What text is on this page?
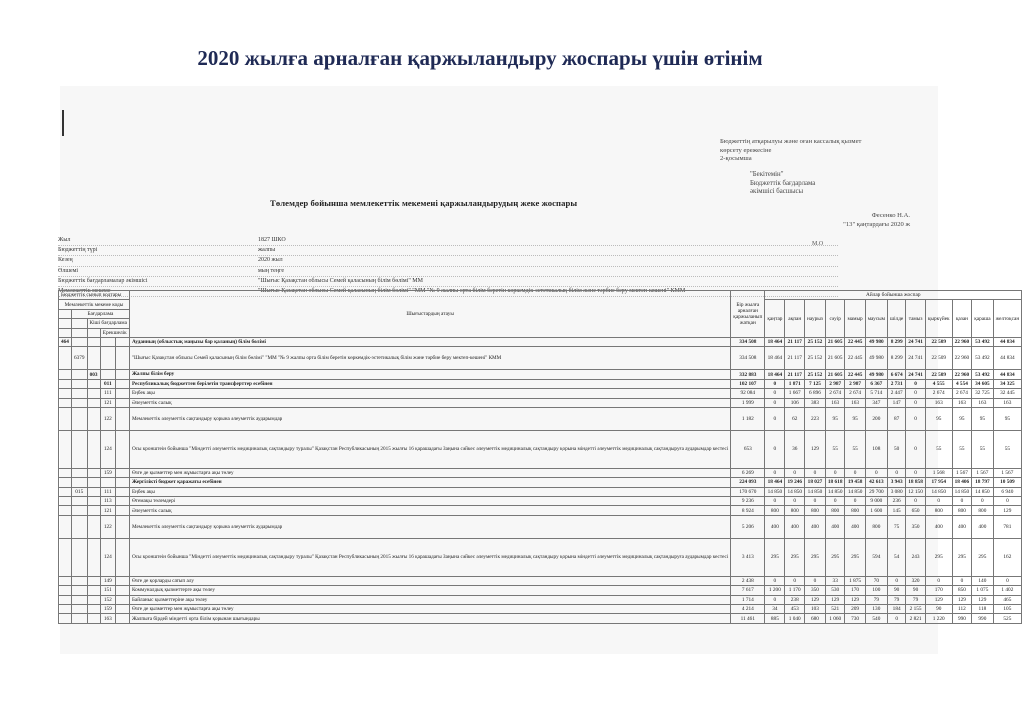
2020 жылға арналған қаржыландыру жоспары үшін өтінім
Бюджеттің атқарылуы және оған кассалық қызмет
көрсету ережесіне
2-қосымша
"Бекітемін"
Бюджеттік бағдарлама
әкімшісі басшысы
Фесенко Н.А.
"13" қаңтардағы 2020 ж
М.О
Төлемдер бойынша мемлекеттік мекемені қаржыландырудың жеке жоспары
Жыл	1827 ШКО
Бюджеттің түрі	жалпы
Кезең	2020 жыл
Өлшемі	мың теңге
Бюджеттік бағдарламалар әкімшісі	"Шығыс Қазақстан облысы Семей қаласының білім бөлімі" ММ
Мемлекеттік мекеме	"Шығыс Қазақстан облысы Семей қаласының білім бөлімі" "ММ "№ 9 жалпы орта білім беретін көркемдік-эстетикалық білім және тәрбие беру мектеп-кешені" КММ
Бюджеттік сынып кодтары					Шығыстардың атауы	Бір жылға арналған қаржыланып жатқан	Айлар бойынша жоспар											
Мемлекеттік мекеме коды							қаңтар	ақпан	наурыз	сәуір	мамыр	маусым	шілде	тамыз	қыркүйек	қазан	қараша	желтоқсан
	Бағдарлама																	
		Кіші бағдарлама																
			Ерекшелік															
464					Ауданның (облыстық маңызы бар қаланың) білім бөлімі	334 508	18 464	21 117	25 152	21 605	22 445	49 980	8 299	24 741	22 509	22 960	53 492	44 834
	6379				"Шығыс Қазақстан облысы Семей қаласының білім бөлімі" "ММ "№ 9 жалпы орта білім беретін көркемдік-эстетикалық білім және тәрбие беру мектеп-кешені" КММ	334 508	18 464	21 117	25 152	21 605	22 445	49 980	8 299	24 741	22 509	22 960	53 492	44 834
		003			Жалпы білім беру	332 883	18 464	21 117	25 152	21 605	22 445	49 980	6 674	24 741	22 509	22 960	53 492	44 834
			011		Республикалық бюджеттен берілетін трансферттер есебінен	102 107	0	1 871	7 125	2 987	2 987	6 367	2 731	0	4 555	4 554	34 605	34 325
			111		Еңбек ақы	92 084	0	1 667	6 896	2 674	2 674	5 714	2 447	0	2 674	2 674	32 725	32 445
			121		Әлеуметтік салық	1 999	0	106	383	163	163	347	147	0	163	163	163	163
			122		Мемлекеттік әлеуметтік сақтандыру қорына әлеуметтік аударымдар	1 182	0	62	223	95	95	200	87	0	95	95	95	95
			124		Осы кронштеін бойынша "Міндетті әлеуметтік медициналық сақтандыру туралы" Қазақстан Республикасының 2015 жылғы 16 қарашадағы Заңына сәйкес әлеуметтік медициналық сақтандыру қорына міндетті әлеуметтік медициналық сақтандыруға аударымдар кестесі	653	0	36	129	55	55	108	50	0	55	55	55	55
			159		Өзге де қызметтер мен жұмыстарға ақы төлеу	6 269	0	0	0	0	0	0	0	0	1 568	1 567	1 567	1 567
					Жергілікті бюджет қаражаты есебінен	224 093	18 464	19 246	18 027	18 618	19 458	42 613	3 943	18 858	17 954	18 406	18 797	10 509
	015		111		Еңбек ақы	170 670	14 850	14 850	14 850	14 850	14 850	29 700	3 080	12 150	14 850	14 850	14 850	6 940
			113		Өтемақы төлемдері	9 236	0	0	0	0	0	9 000	236	0	0	0	0	0
			121		Әлеуметтік салық	8 924	800	800	800	800	800	1 600	145	650	800	800	800	129
			122		Мемлекеттік әлеуметтік сақтандыру қорына әлеуметтік аударымдар	5 206	400	400	400	400	400	800	75	350	400	400	400	781
			124		Осы кронштеін бойынша "Міндетті әлеуметтік медициналық сақтандыру туралы" Қазақстан Республикасының 2015 жылғы 16 қарашадағы Заңына сәйкес әлеуметтік медициналық сақтандыру қорына міндетті әлеуметтік медициналық сақтандыруға аударымдар кестесі	3 413	295	295	295	295	295	594	54	243	295	295	295	162
			149		Өзге де қорларды сатып алу	2 438	0	0	0	33	1 875	70	0	320	0	0	140	0
			151		Коммуналдық қызметтерге ақы төлеу	7 617	1 200	1 170	350	530	170	100	90	90	170	850	1 075	1 402
			152		Байланыс қызметтеріне ақы төлеу	1 714	0	238	129	129	129	79	79	79	129	129	129	465
			159		Өзге де қызметтер мен жұмыстарға ақы төлеу	4 214	34	453	103	521	209	130	184	2 155	90	112	118	105
			163		Жалпыға бірдей міндетті орта білім қорынан шығындары	11 461	885	1 040	680	1 060	730	540	0	2 821	1 220	990	990	525
